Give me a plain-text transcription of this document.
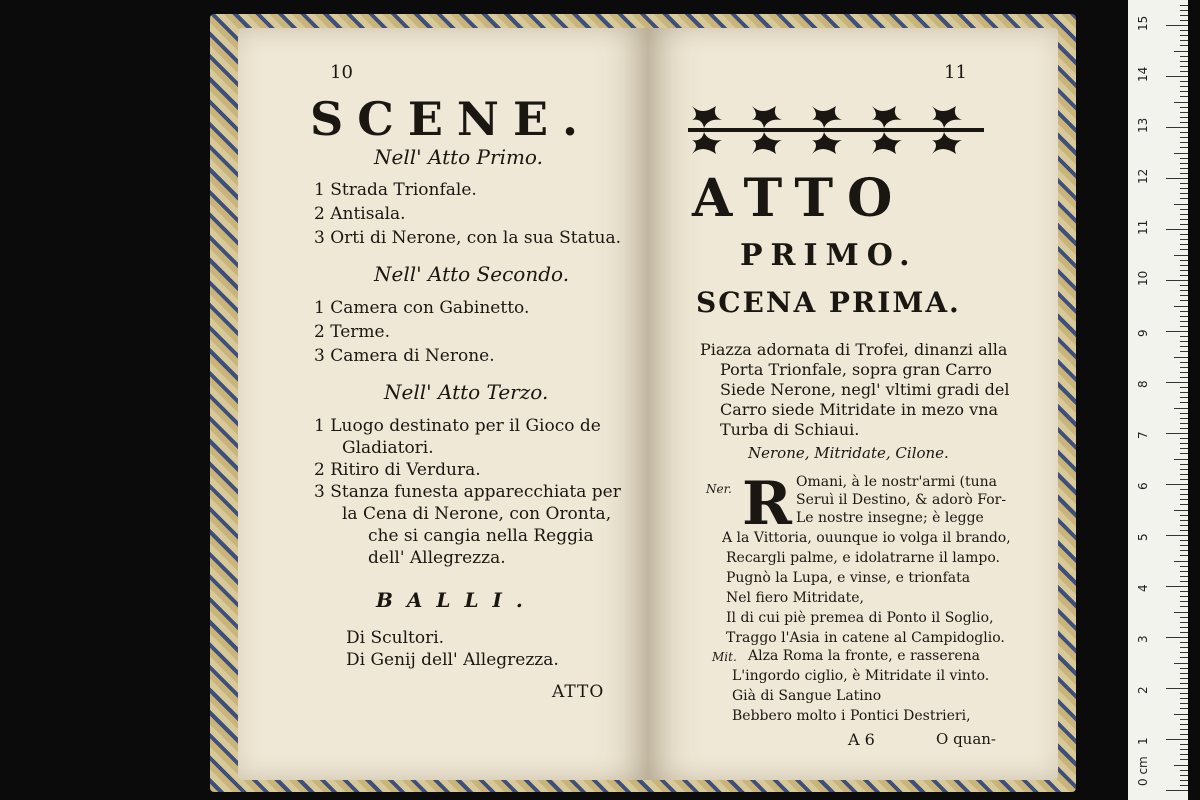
10
SCENE.
Nell' Atto Primo.
1 Strada Trionfale.
2 Antisala.
3 Orti di Nerone, con la sua Statua.
Nell' Atto Secondo.
1 Camera con Gabinetto.
2 Terme.
3 Camera di Nerone.
Nell' Atto Terzo.
1 Luogo destinato per il Gioco de
Gladiatori.
2 Ritiro di Verdura.
3 Stanza funesta apparecchiata per
la Cena di Nerone, con Oronta,
che si cangia nella Reggia
dell' Allegrezza.
BALLI.
Di Scultori.
Di Genij dell' Allegrezza.
ATTO
11
ATTO
PRIMO.
SCENA PRIMA.
Piazza adornata di Trofei, dinanzi alla
Porta Trionfale, sopra gran Carro
Siede Nerone, negl' vltimi gradi del
Carro siede Mitridate in mezo vna
Turba di Schiaui.
Nerone, Mitridate, Cilone.
Ner. R Omani, à le nostr'armi (tuna
Seruì il Destino, & adorò For-
Le nostre insegne; è legge
A la Vittoria, ouunque io volga il brando,
Recargli palme, e idolatrarne il lampo.
Pugnò la Lupa, e vinse, e trionfata
Nel fiero Mitridate,
Il di cui piè premea di Ponto il Soglio,
Traggo l'Asia in catene al Campidoglio.
Mit. Alza Roma la fronte, e rasserena
L'ingordo ciglio, è Mitridate il vinto.
Già di Sangue Latino
Bebbero molto i Pontici Destrieri,
A 6	O quan-
0 cm
1
2
3
4
5
6
7
8
9
10
11
12
13
14
15
